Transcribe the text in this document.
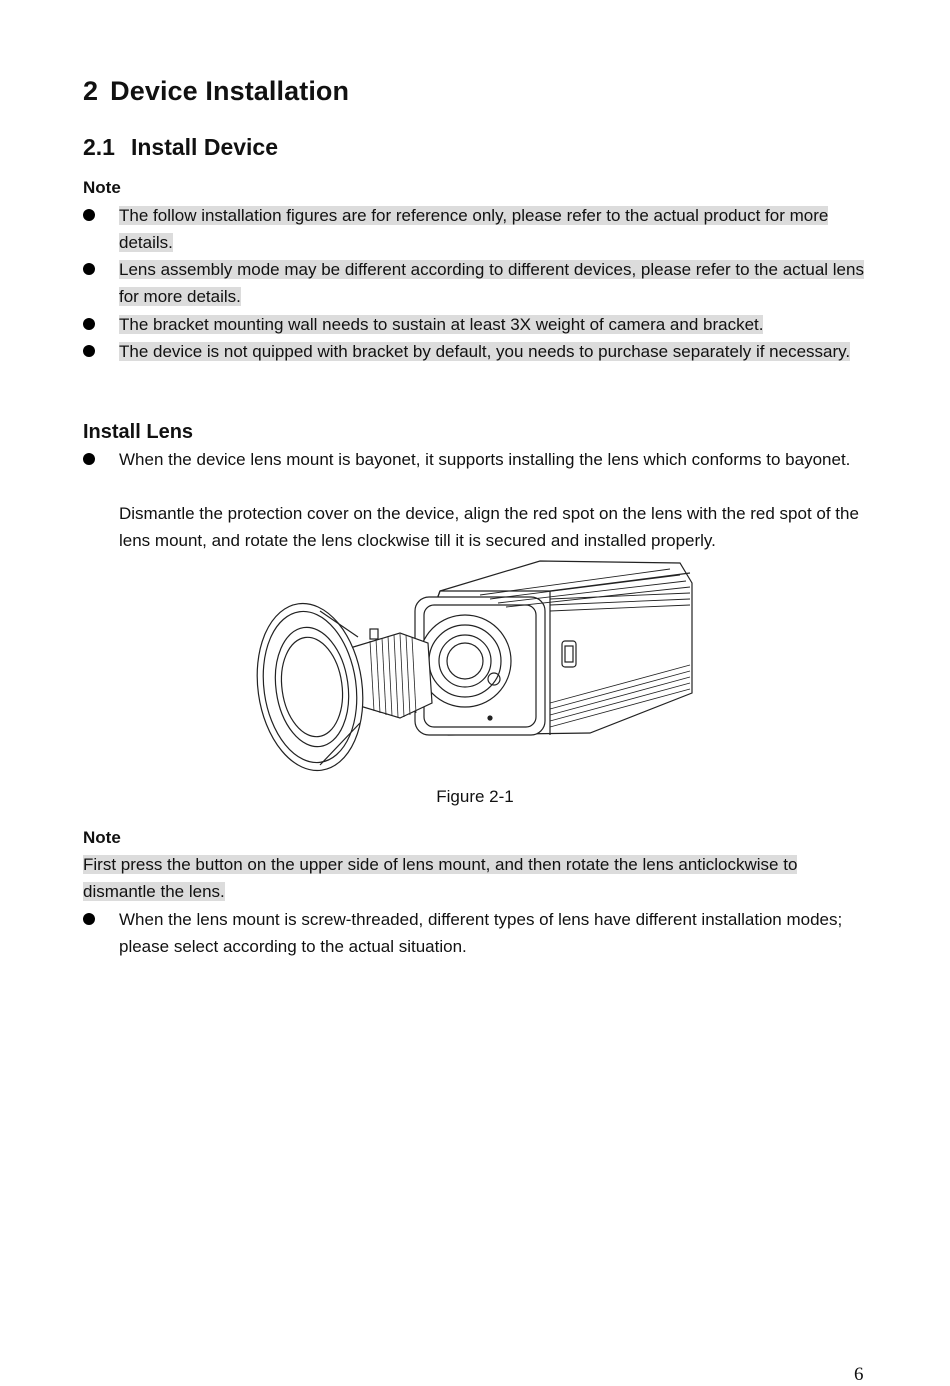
2 Device Installation
2.1 Install Device
Note
The follow installation figures are for reference only, please refer to the actual product for more details.
Lens assembly mode may be different according to different devices, please refer to the actual lens for more details.
The bracket mounting wall needs to sustain at least 3X weight of camera and bracket.
The device is not quipped with bracket by default, you needs to purchase separately if necessary.
Install Lens
When the device lens mount is bayonet, it supports installing the lens which conforms to bayonet.
Dismantle the protection cover on the device, align the red spot on the lens with the red spot of the lens mount, and rotate the lens clockwise till it is secured and installed properly.
Figure 2-1
Note
First press the button on the upper side of lens mount, and then rotate the lens anticlockwise to dismantle the lens.
When the lens mount is screw-threaded, different types of lens have different installation modes; please select according to the actual situation.
6
